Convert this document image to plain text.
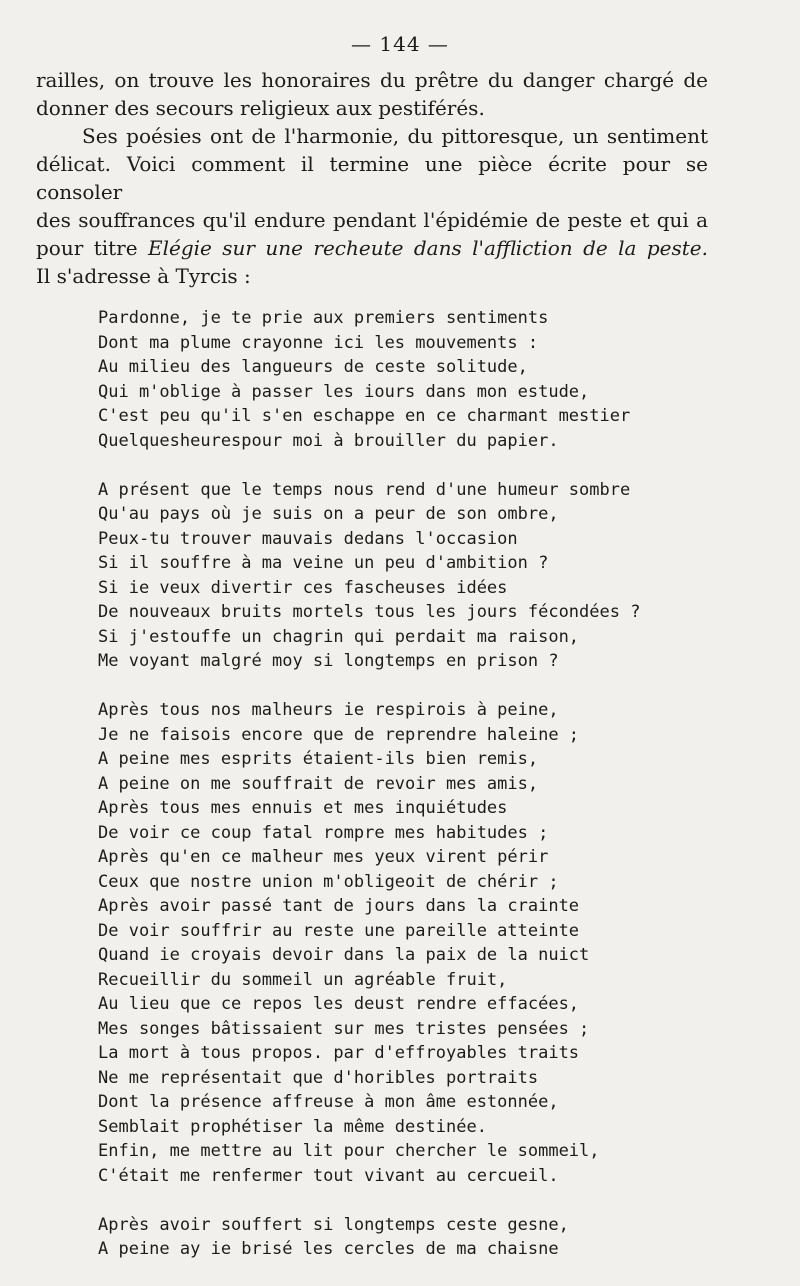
— 144 —

railles, on trouve les honoraires du prêtre du danger chargé de
donner des secours religieux aux pestiférés.

Ses poésies ont de l'harmonie, du pittoresque, un sentiment
délicat. Voici comment il termine une pièce écrite pour se consoler
des souffrances qu'il endure pendant l'épidémie de peste et qui a
pour titre Elégie sur une recheute dans l'affliction de la peste.
Il s'adresse à Tyrcis :

Pardonne, je te prie aux premiers sentiments
Dont ma plume crayonne ici les mouvements :
Au milieu des langueurs de ceste solitude,
Qui m'oblige à passer les iours dans mon estude,
C'est peu qu'il s'en eschappe en ce charmant mestier
Quelquesheurespour moi à brouiller du papier.
A présent que le temps nous rend d'une humeur sombre
Qu'au pays où je suis on a peur de son ombre,
Peux-tu trouver mauvais dedans l'occasion
Si il souffre à ma veine un peu d'ambition ?
Si ie veux divertir ces fascheuses idées
De nouveaux bruits mortels tous les jours fécondées ?
Si j'estouffe un chagrin qui perdait ma raison,
Me voyant malgré moy si longtemps en prison ?
Après tous nos malheurs ie respirois à peine,
Je ne faisois encore que de reprendre haleine ;
A peine mes esprits étaient-ils bien remis,
A peine on me souffrait de revoir mes amis,
Après tous mes ennuis et mes inquiétudes
De voir ce coup fatal rompre mes habitudes ;
Après qu'en ce malheur mes yeux virent périr
Ceux que nostre union m'obligeoit de chérir ;
Après avoir passé tant de jours dans la crainte
De voir souffrir au reste une pareille atteinte
Quand ie croyais devoir dans la paix de la nuict
Recueillir du sommeil un agréable fruit,
Au lieu que ce repos les deust rendre effacées,
Mes songes bâtissaient sur mes tristes pensées ;
La mort à tous propos. par d'effroyables traits
Ne me représentait que d'horibles portraits
Dont la présence affreuse à mon âme estonnée,
Semblait prophétiser la même destinée.
Enfin, me mettre au lit pour chercher le sommeil,
C'était me renfermer tout vivant au cercueil.
Après avoir souffert si longtemps ceste gesne,
A peine ay ie brisé les cercles de ma chaisne
